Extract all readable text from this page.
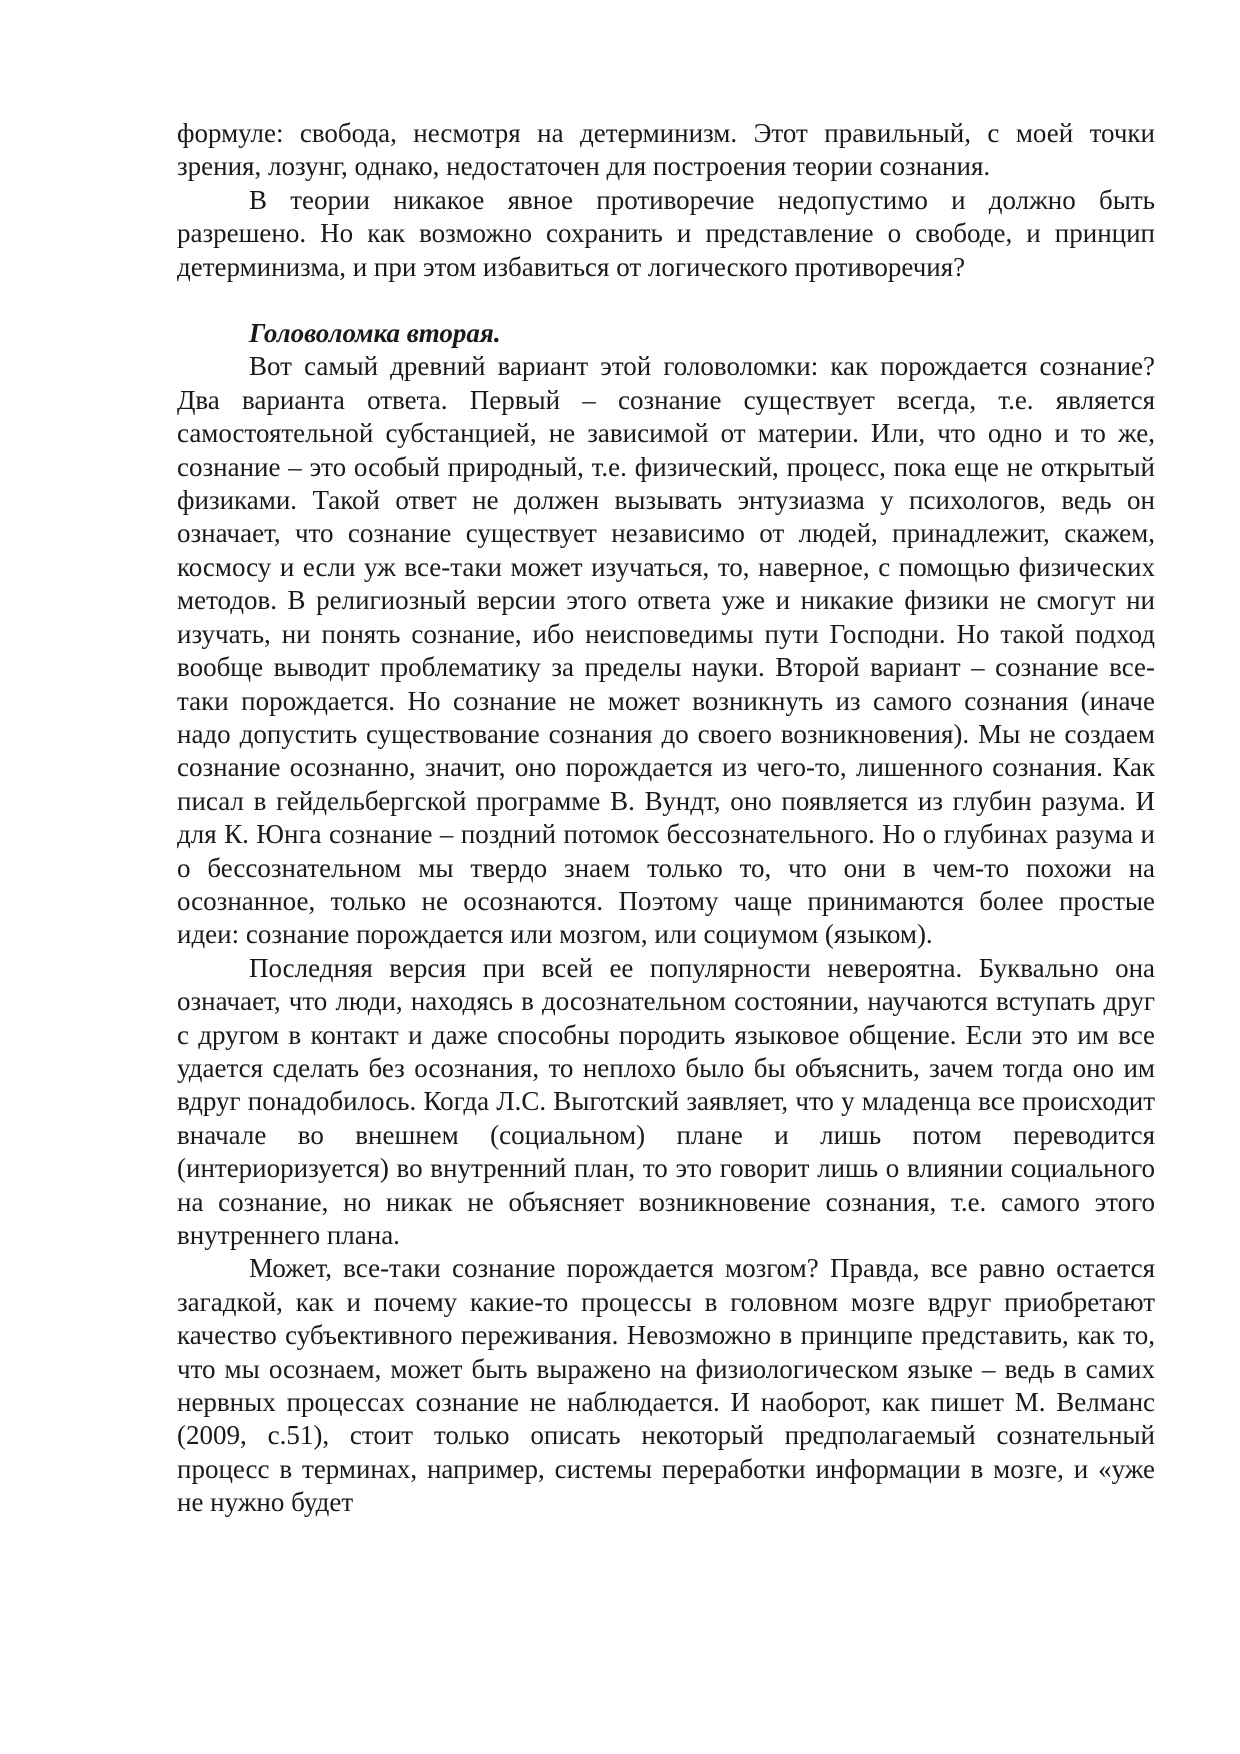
формуле: свобода, несмотря на детерминизм. Этот правильный, с моей точки зрения, лозунг, однако, недостаточен для построения теории сознания.

В теории никакое явное противоречие недопустимо и должно быть разрешено. Но как возможно сохранить и представление о свободе, и принцип детерминизма, и при этом избавиться от логического противоречия?

Головоломка вторая.

Вот самый древний вариант этой головоломки: как порождается сознание? Два варианта ответа. Первый – сознание существует всегда, т.е. является самостоятельной субстанцией, не зависимой от материи. Или, что одно и то же, сознание – это особый природный, т.е. физический, процесс, пока еще не открытый физиками. Такой ответ не должен вызывать энтузиазма у психологов, ведь он означает, что сознание существует независимо от людей, принадлежит, скажем, космосу и если уж все-таки может изучаться, то, наверное, с помощью физических методов. В религиозный версии этого ответа уже и никакие физики не смогут ни изучать, ни понять сознание, ибо неисповедимы пути Господни. Но такой подход вообще выводит проблематику за пределы науки. Второй вариант – сознание все-таки порождается. Но сознание не может возникнуть из самого сознания (иначе надо допустить существование сознания до своего возникновения). Мы не создаем сознание осознанно, значит, оно порождается из чего-то, лишенного сознания. Как писал в гейдельбергской программе В. Вундт, оно появляется из глубин разума. И для К. Юнга сознание – поздний потомок бессознательного. Но о глубинах разума и о бессознательном мы твердо знаем только то, что они в чем-то похожи на осознанное, только не осознаются. Поэтому чаще принимаются более простые идеи: сознание порождается или мозгом, или социумом (языком).

Последняя версия при всей ее популярности невероятна. Буквально она означает, что люди, находясь в досознательном состоянии, научаются вступать друг с другом в контакт и даже способны породить языковое общение. Если это им все удается сделать без осознания, то неплохо было бы объяснить, зачем тогда оно им вдруг понадобилось. Когда Л.С. Выготский заявляет, что у младенца все происходит вначале во внешнем (социальном) плане и лишь потом переводится (интериоризуется) во внутренний план, то это говорит лишь о влиянии социального на сознание, но никак не объясняет возникновение сознания, т.е. самого этого внутреннего плана.

Может, все-таки сознание порождается мозгом? Правда, все равно остается загадкой, как и почему какие-то процессы в головном мозге вдруг приобретают качество субъективного переживания. Невозможно в принципе представить, как то, что мы осознаем, может быть выражено на физиологическом языке – ведь в самих нервных процессах сознание не наблюдается. И наоборот, как пишет М. Велманс (2009, с.51), стоит только описать некоторый предполагаемый сознательный процесс в терминах, например, системы переработки информации в мозге, и «уже не нужно будет
